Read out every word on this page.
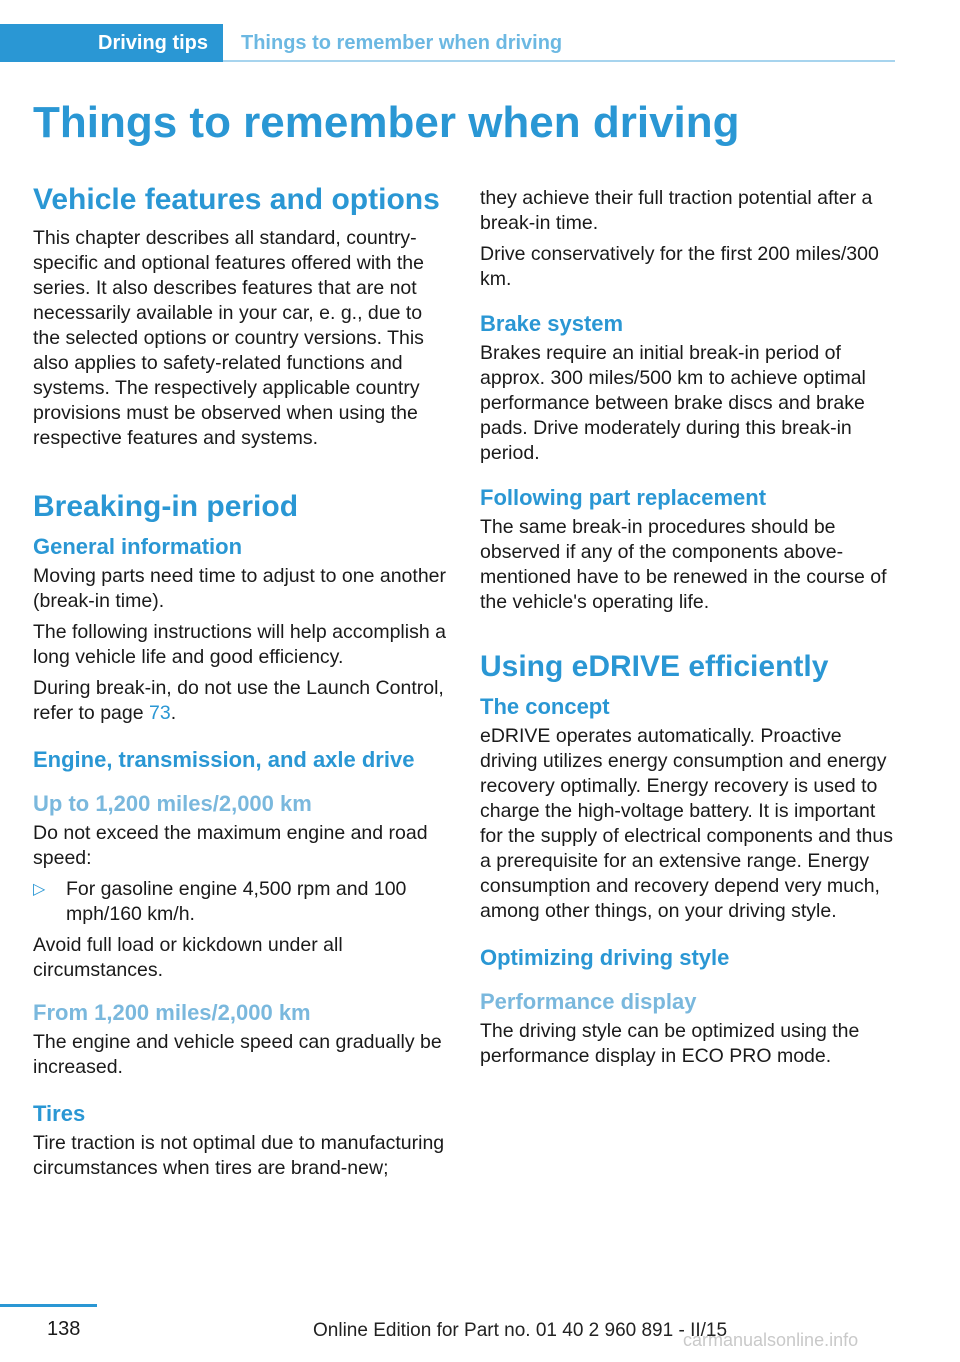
Driving tips	Things to remember when driving
Things to remember when driving
Vehicle features and options

This chapter describes all standard, country-specific and optional features offered with the series. It also describes features that are not necessarily available in your car, e. g., due to the selected options or country versions. This also applies to safety-related functions and systems. The respectively applicable country provisions must be observed when using the respective features and systems.

Breaking-in period
General information

Moving parts need time to adjust to one another (break-in time).

The following instructions will help accomplish a long vehicle life and good efficiency.

During break-in, do not use the Launch Control, refer to page 73.

Engine, transmission, and axle drive
Up to 1,200 miles/2,000 km

Do not exceed the maximum engine and road speed:

▷	For gasoline engine 4,500 rpm and 100 mph/160 km/h.

Avoid full load or kickdown under all circumstances.

From 1,200 miles/2,000 km

The engine and vehicle speed can gradually be increased.

Tires

Tire traction is not optimal due to manufacturing circumstances when tires are brand-new;

they achieve their full traction potential after a break-in time.

Drive conservatively for the first 200 miles/300 km.

Brake system

Brakes require an initial break-in period of approx. 300 miles/500 km to achieve optimal performance between brake discs and brake pads. Drive moderately during this break-in period.

Following part replacement

The same break-in procedures should be observed if any of the components above-mentioned have to be renewed in the course of the vehicle's operating life.

Using eDRIVE efficiently
The concept

eDRIVE operates automatically. Proactive driving utilizes energy consumption and energy recovery optimally. Energy recovery is used to charge the high-voltage battery. It is important for the supply of electrical components and thus a prerequisite for an extensive range. Energy consumption and recovery depend very much, among other things, on your driving style.

Optimizing driving style
Performance display

The driving style can be optimized using the performance display in ECO PRO mode.

138	Online Edition for Part no. 01 40 2 960 891 - II/15
carmanualsonline.info
